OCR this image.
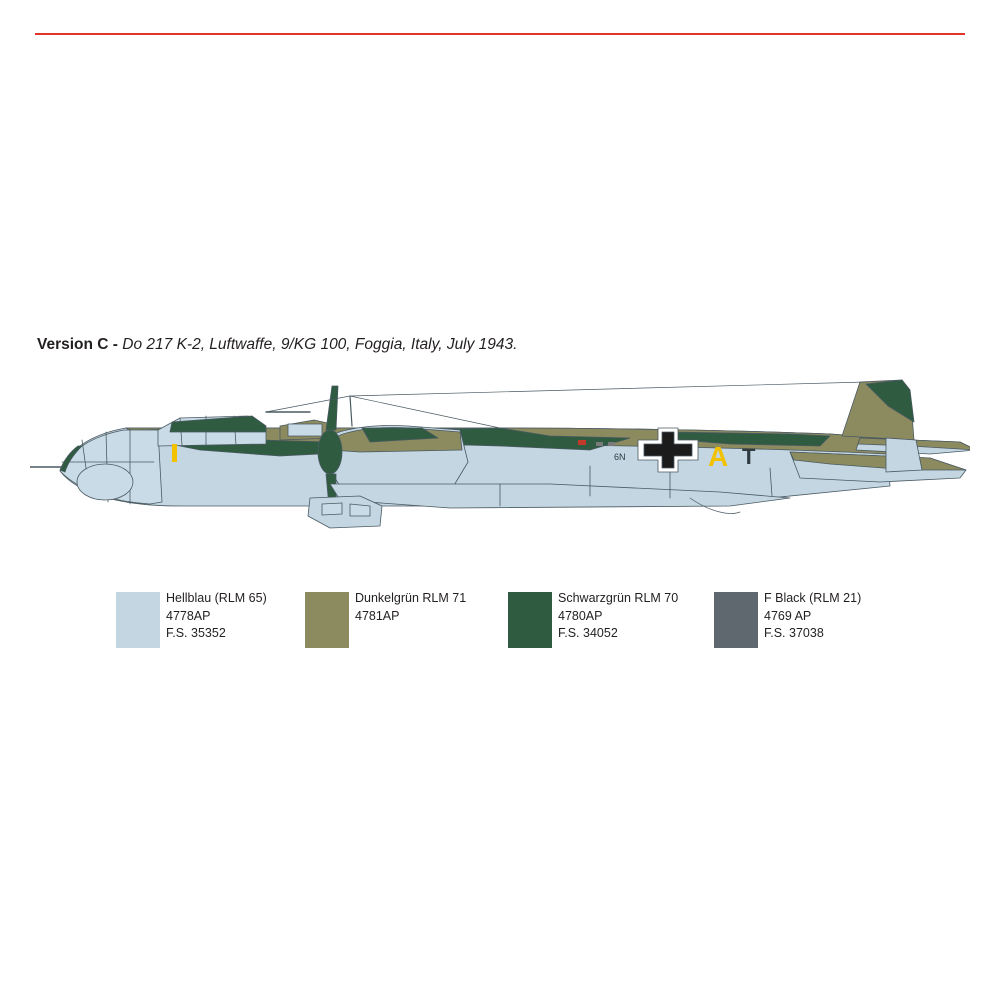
Version C - Do 217 K-2, Luftwaffe, 9/KG 100, Foggia, Italy, July 1943.
6N	A T
Hellblau (RLM 65)
4778AP
F.S. 35352
Dunkelgrün RLM 71
4781AP
Schwarzgrün RLM 70
4780AP
F.S. 34052
F Black (RLM 21)
4769 AP
F.S. 37038
